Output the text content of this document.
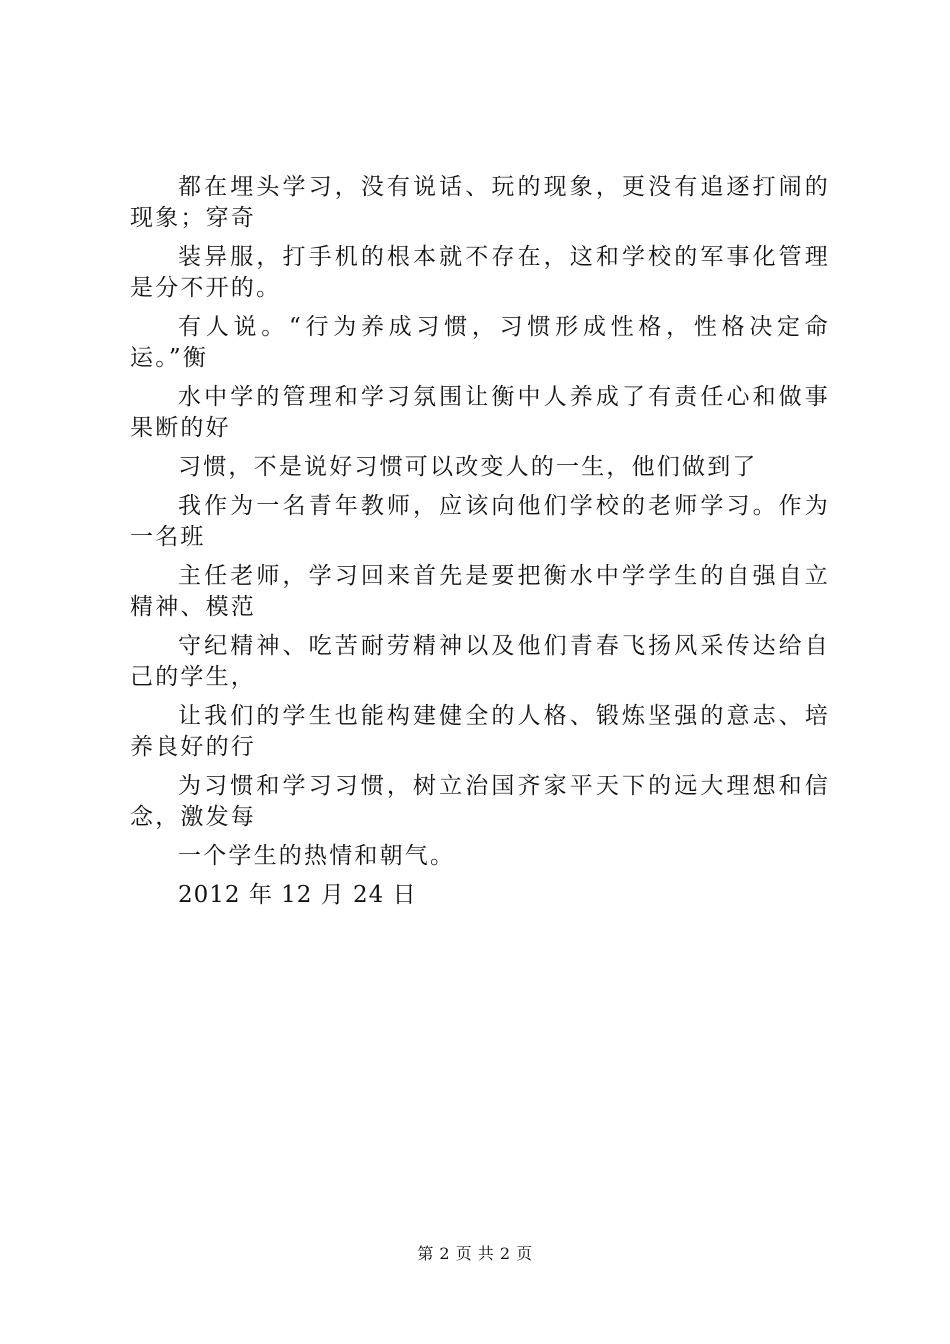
都在埋头学习，没有说话、玩的现象，更没有追逐打闹的现象；穿奇

装异服，打手机的根本就不存在，这和学校的军事化管理是分不开的。

有人说。“行为养成习惯，习惯形成性格，性格决定命运。”衡

水中学的管理和学习氛围让衡中人养成了有责任心和做事果断的好

习惯，不是说好习惯可以改变人的一生，他们做到了

我作为一名青年教师，应该向他们学校的老师学习。作为一名班

主任老师，学习回来首先是要把衡水中学学生的自强自立精神、模范

守纪精神、吃苦耐劳精神以及他们青春飞扬风采传达给自己的学生，

让我们的学生也能构建健全的人格、锻炼坚强的意志、培养良好的行

为习惯和学习习惯，树立治国齐家平天下的远大理想和信念，激发每

一个学生的热情和朝气。

2012 年 12 月 24 日

第 2 页 共 2 页
